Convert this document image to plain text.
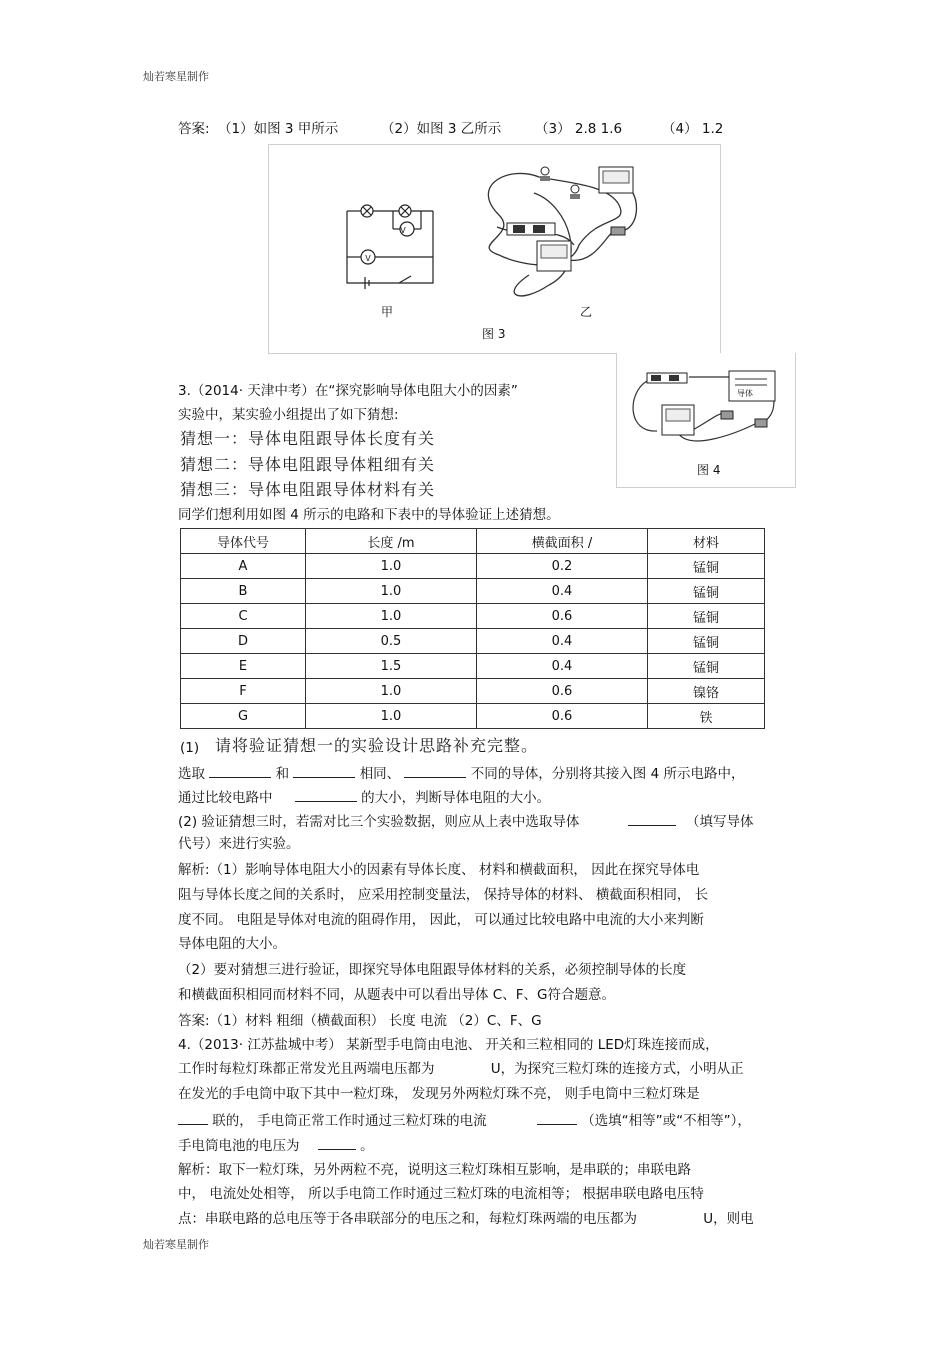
灿若寒星制作
答案: （1）如图 3 甲所示	（2）如图 3 乙所示 （3） 2.8 1.6	（4） 1.2
V
V
甲	乙
图 3
导体
图 4
3.（2014· 天津中考）在“探究影响导体电阻大小的因素”
实验中，某实验小组提出了如下猜想:
猜想一：导体电阻跟导体长度有关
猜想二：导体电阻跟导体粗细有关
猜想三：导体电阻跟导体材料有关
同学们想利用如图 4 所示的电路和下表中的导体验证上述猜想。
导体代号	长度 /m	横截面积 /	材料
A	1.0	0.2	锰铜
B	1.0	0.4	锰铜
C	1.0	0.6	锰铜
D	0.5	0.4	锰铜
E	1.5	0.4	锰铜
F	1.0	0.6	镍铬
G	1.0	0.6	铁
(1) 请将验证猜想一的实验设计思路补充完整。
选取	和	相同、	不同的导体，分别将其接入图 4 所示电路中，
通过比较电路中	的大小，判断导体电阻的大小。
(2) 验证猜想三时，若需对比三个实验数据，则应从上表中选取导体	（填写导体
代号）来进行实验。
解析:（1）影响导体电阻大小的因素有导体长度、 材料和横截面积， 因此在探究导体电
阻与导体长度之间的关系时， 应采用控制变量法， 保持导体的材料、 横截面积相同， 长
度不同。 电阻是导体对电流的阻碍作用， 因此， 可以通过比较电路中电流的大小来判断
导体电阻的大小。
（2）要对猜想三进行验证，即探究导体电阻跟导体材料的关系，必须控制导体的长度
和横截面积相同而材料不同，从题表中可以看出导体 C、F、G符合题意。
答案:（1）材料 粗细（横截面积） 长度 电流 （2）C、F、G
4.（2013· 江苏盐城中考） 某新型手电筒由电池、 开关和三粒相同的 LED灯珠连接而成，
工作时每粒灯珠都正常发光且两端电压都为	U，为探究三粒灯珠的连接方式，小明从正
在发光的手电筒中取下其中一粒灯珠， 发现另外两粒灯珠不亮， 则手电筒中三粒灯珠是
联的， 手电筒正常工作时通过三粒灯珠的电流	（选填“相等”或“不相等”），
手电筒电池的电压为	。
解析：取下一粒灯珠，另外两粒不亮，说明这三粒灯珠相互影响，是串联的；串联电路
中， 电流处处相等， 所以手电筒工作时通过三粒灯珠的电流相等； 根据串联电路电压特
点：串联电路的总电压等于各串联部分的电压之和，每粒灯珠两端的电压都为	U，则电
灿若寒星制作
